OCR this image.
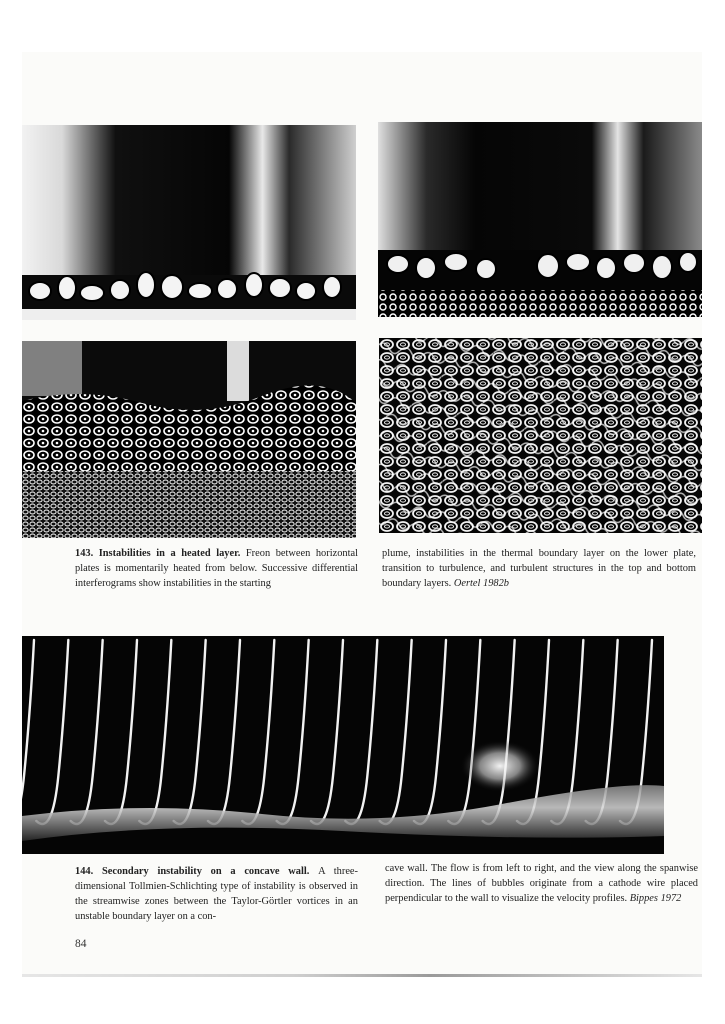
143. Instabilities in a heated layer. Freon between horizontal plates is momentarily heated from below. Successive differential interferograms show instabilities in the starting
plume, instabilities in the thermal boundary layer on the lower plate, transition to turbulence, and turbulent structures in the top and bottom boundary layers. Oertel 1982b
144. Secondary instability on a concave wall. A three-dimensional Tollmien-Schlichting type of instability is observed in the streamwise zones between the Taylor-Görtler vortices in an unstable boundary layer on a con-
cave wall. The flow is from left to right, and the view along the spanwise direction. The lines of bubbles originate from a cathode wire placed perpendicular to the wall to visualize the velocity profiles. Bippes 1972
84
